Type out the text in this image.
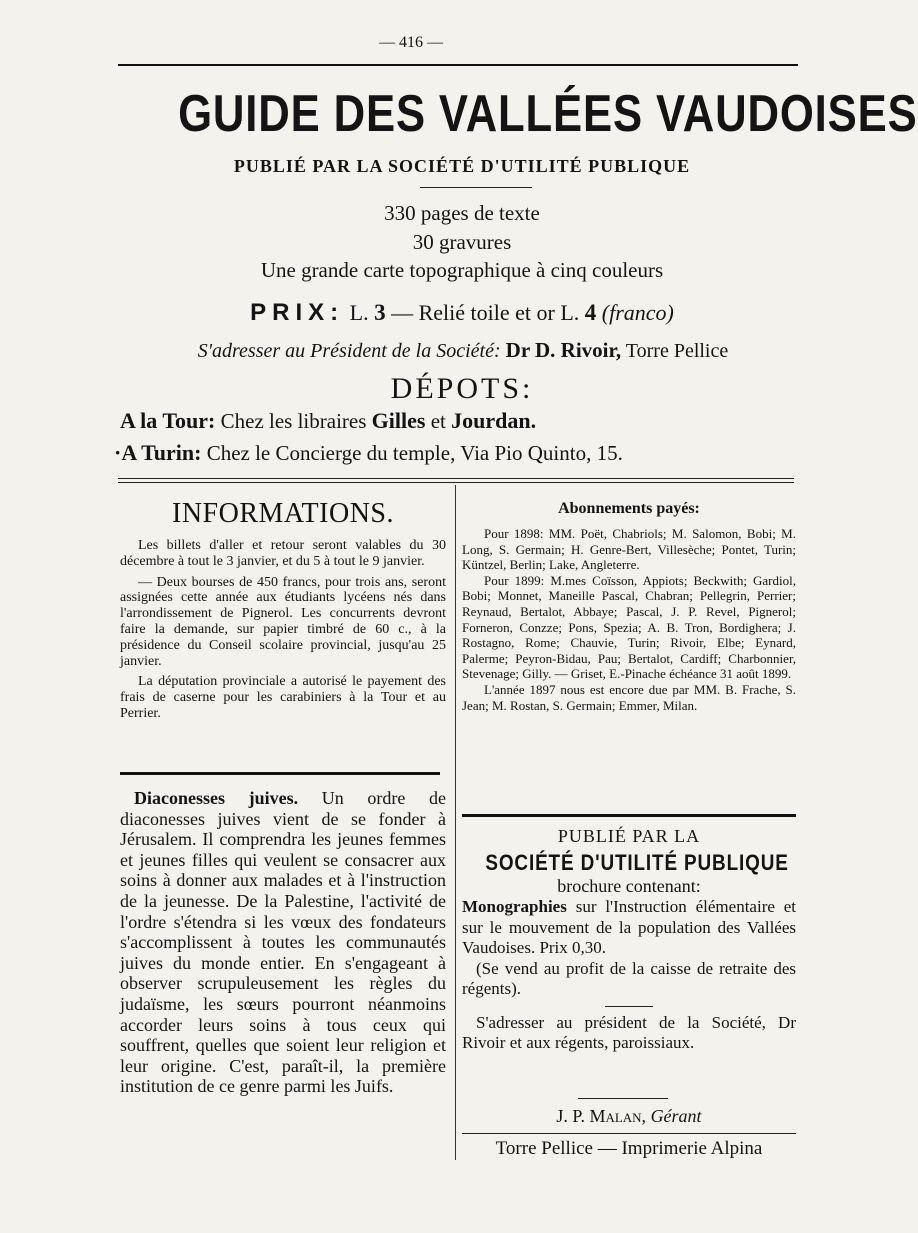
— 416 —
GUIDE DES VALLÉES VAUDOISES
PUBLIÉ PAR LA SOCIÉTÉ D'UTILITÉ PUBLIQUE
330 pages de texte
30 gravures
Une grande carte topographique à cinq couleurs
PRIX: L. 3 — Relié toile et or L. 4 (franco)
S'adresser au Président de la Société: Dr D. Rivoir, Torre Pellice
DÉPOTS:
A la Tour: Chez les libraires Gilles et Jourdan.
·A Turin: Chez le Concierge du temple, Via Pio Quinto, 15.
INFORMATIONS.

Les billets d'aller et retour seront valables du 30 décembre à tout le 3 janvier, et du 5 à tout le 9 janvier.

— Deux bourses de 450 francs, pour trois ans, seront assignées cette année aux étudiants lycéens nés dans l'arrondissement de Pignerol. Les concurrents devront faire la demande, sur papier timbré de 60 c., à la présidence du Conseil scolaire provincial, jusqu'au 25 janvier.

La députation provinciale a autorisé le payement des frais de caserne pour les carabiniers à la Tour et au Perrier.

Diaconesses juives. Un ordre de diaconesses juives vient de se fonder à Jérusalem. Il comprendra les jeunes femmes et jeunes filles qui veulent se consacrer aux soins à donner aux malades et à l'instruction de la jeunesse. De la Palestine, l'activité de l'ordre s'étendra si les vœux des fondateurs s'accomplissent à toutes les communautés juives du monde entier. En s'engageant à observer scrupuleusement les règles du judaïsme, les sœurs pourront néanmoins accorder leurs soins à tous ceux qui souffrent, quelles que soient leur religion et leur origine. C'est, paraît-il, la première institution de ce genre parmi les Juifs.

Abonnements payés:

Pour 1898: MM. Poët, Chabriols; M. Salomon, Bobi; M. Long, S. Germain; H. Genre-Bert, Villesèche; Pontet, Turin; Küntzel, Berlin; Lake, Angleterre.

Pour 1899: M.mes Coïsson, Appiots; Beckwith; Gardiol, Bobi; Monnet, Maneille Pascal, Chabran; Pellegrin, Perrier; Reynaud, Bertalot, Abbaye; Pascal, J. P. Revel, Pignerol; Forneron, Conzze; Pons, Spezia; A. B. Tron, Bordighera; J. Rostagno, Rome; Chauvie, Turin; Rivoir, Elbe; Eynard, Palerme; Peyron-Bidau, Pau; Bertalot, Cardiff; Charbonnier, Stevenage; Gilly. — Griset, E.-Pinache échéance 31 août 1899.

L'année 1897 nous est encore due par MM. B. Frache, S. Jean; M. Rostan, S. Germain; Emmer, Milan.

PUBLIÉ PAR LA
SOCIÉTÉ D'UTILITÉ PUBLIQUE

brochure contenant:

Monographies sur l'Instruction élémentaire et sur le mouvement de la population des Vallées Vaudoises. Prix 0,30.

(Se vend au profit de la caisse de retraite des régents).

S'adresser au président de la Société, Dr Rivoir et aux régents, paroissiaux.

J. P. Malan, Gérant
Torre Pellice — Imprimerie Alpina
